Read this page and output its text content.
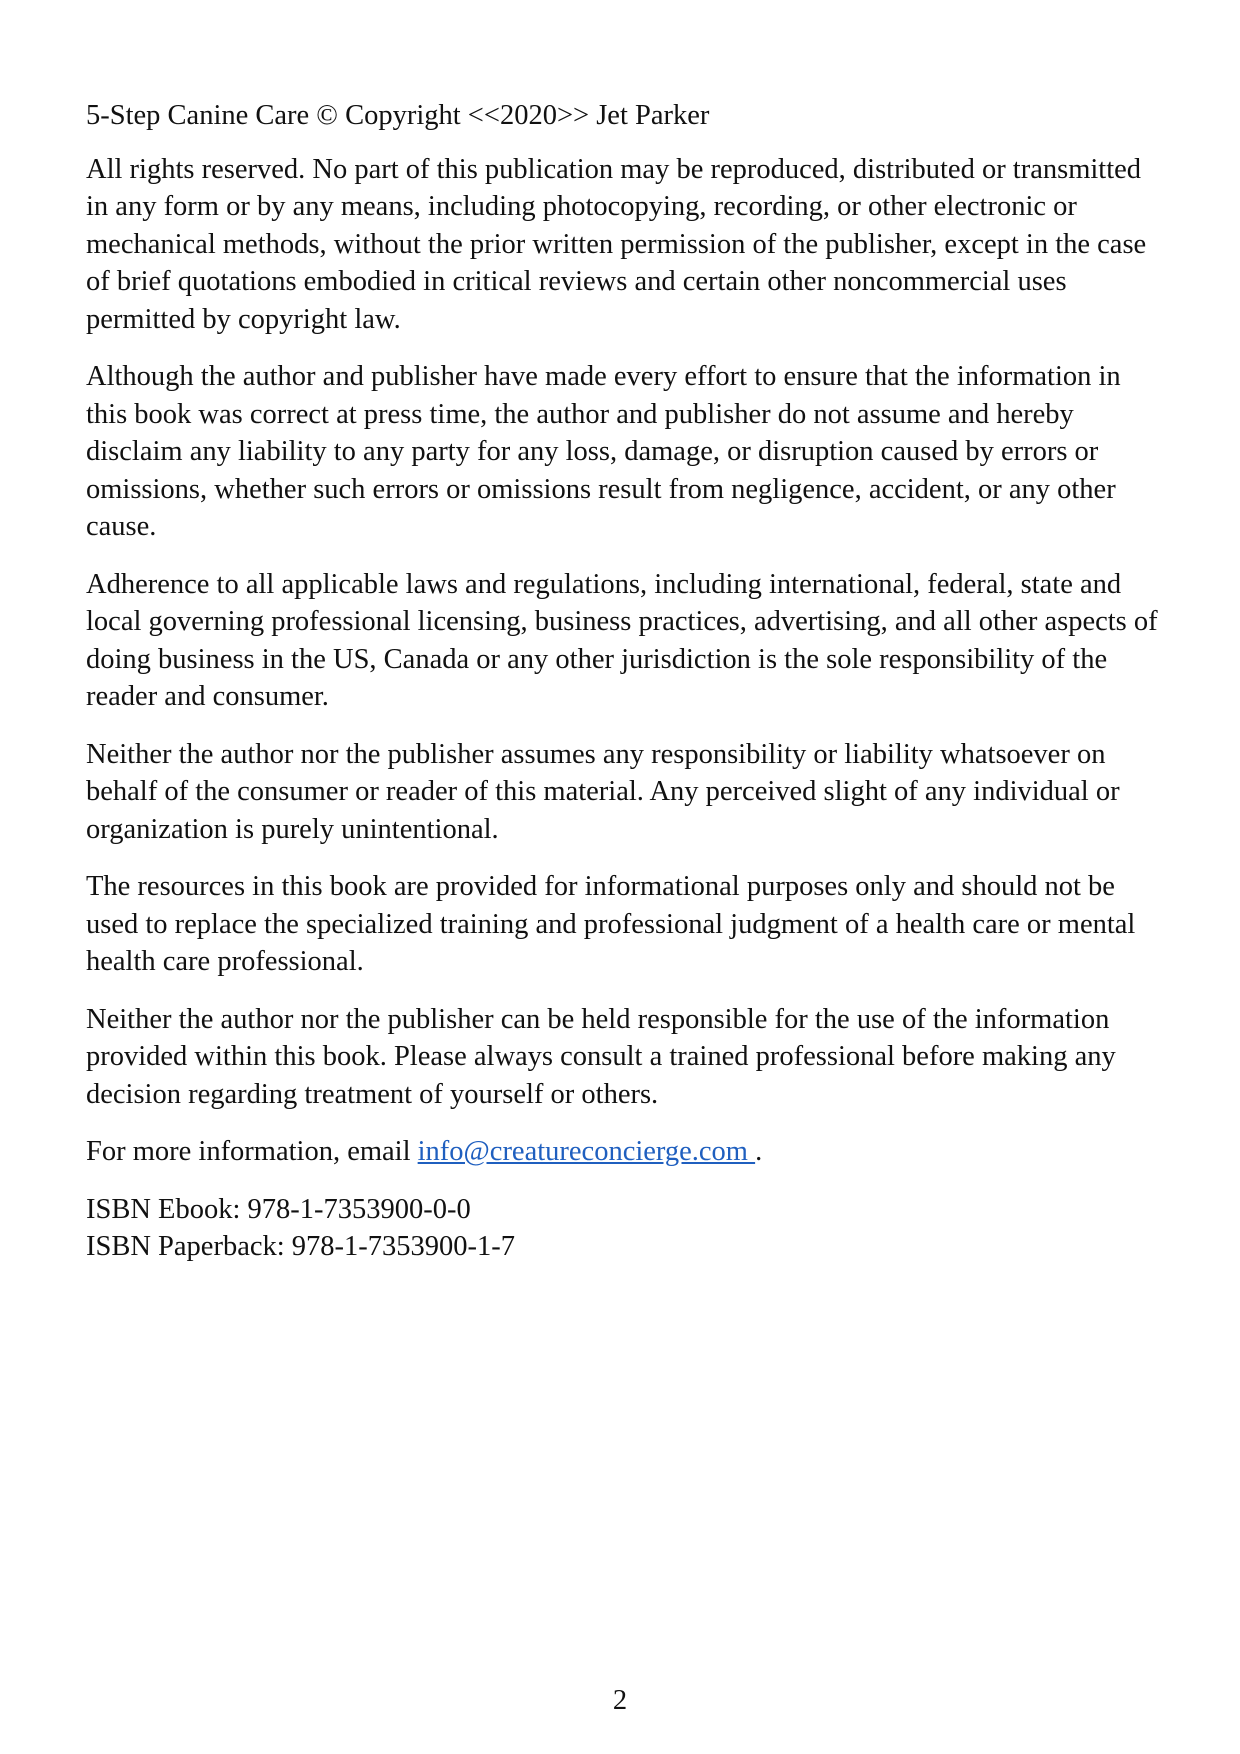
5-Step Canine Care © Copyright <<2020>> Jet Parker

All rights reserved. No part of this publication may be reproduced, distributed or transmitted in any form or by any means, including photocopying, recording, or other electronic or mechanical methods, without the prior written permission of the publisher, except in the case of brief quotations embodied in critical reviews and certain other noncommercial uses permitted by copyright law.

Although the author and publisher have made every effort to ensure that the information in this book was correct at press time, the author and publisher do not assume and hereby disclaim any liability to any party for any loss, damage, or disruption caused by errors or omissions, whether such errors or omissions result from negligence, accident, or any other cause.

Adherence to all applicable laws and regulations, including international, federal, state and local governing professional licensing, business practices, advertising, and all other aspects of doing business in the US, Canada or any other jurisdiction is the sole responsibility of the reader and consumer.

Neither the author nor the publisher assumes any responsibility or liability whatsoever on behalf of the consumer or reader of this material. Any perceived slight of any individual or organization is purely unintentional.

The resources in this book are provided for informational purposes only and should not be used to replace the specialized training and professional judgment of a health care or mental health care professional.

Neither the author nor the publisher can be held responsible for the use of the information provided within this book. Please always consult a trained professional before making any decision regarding treatment of yourself or others.

For more information, email info@creatureconcierge.com .

ISBN Ebook: 978-1-7353900-0-0
ISBN Paperback: 978-1-7353900-1-7

2
